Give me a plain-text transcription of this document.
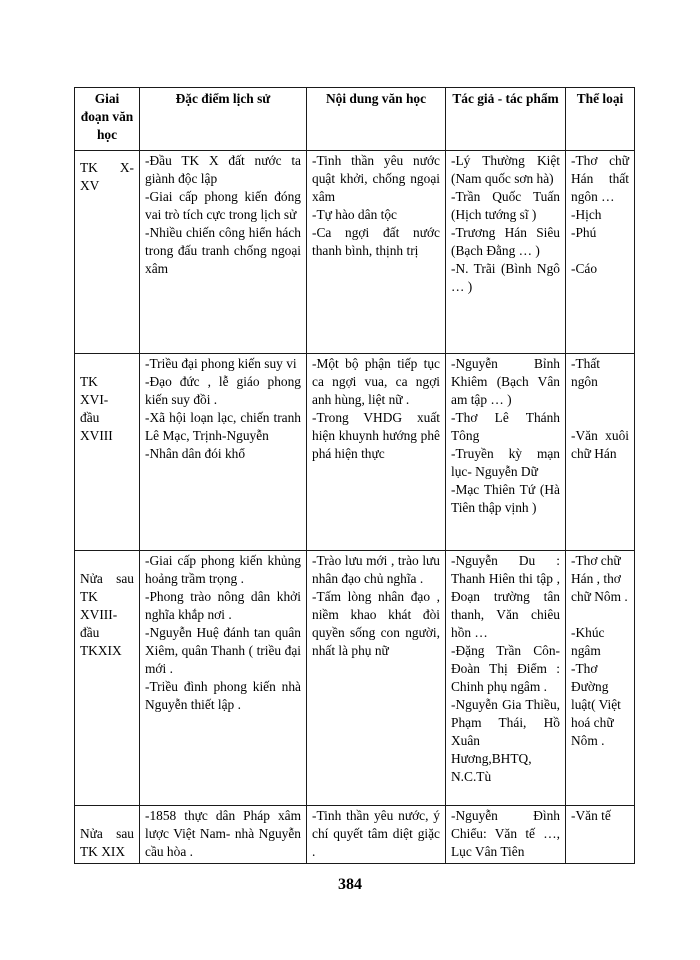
Giai đoạn văn học	Đặc điểm lịch sử	Nội dung văn học	Tác giả - tác phẩm	Thể loại

TK X-
XV	-Đầu TK X đất nước ta giành độc lập
-Giai cấp phong kiến đóng vai trò tích cực trong lịch sử
-Nhiều chiến công hiển hách trong đấu tranh chống ngoại xâm	-Tinh thần yêu nước quật khởi, chống ngoại xâm
-Tự hào dân tộc
-Ca ngợi đất nước thanh bình, thịnh trị	-Lý Thường Kiệt (Nam quốc sơn hà)
-Trần Quốc Tuấn (Hịch tướng sĩ )
-Trương Hán Siêu (Bạch Đằng … )
-N. Trãi (Bình Ngô … )	-Thơ chữ Hán thất ngôn …
-Hịch
-Phú
-Cáo

TK
XVI-
đầu
XVIII	-Triều đại phong kiến suy vi
-Đạo đức , lễ giáo phong kiến suy đồi .
-Xã hội loạn lạc, chiến tranh Lê Mạc, Trịnh-Nguyễn
-Nhân dân đói khổ	-Một bộ phận tiếp tục ca ngợi vua, ca ngợi anh hùng, liệt nữ .
-Trong VHDG xuất hiện khuynh hướng phê phá hiện thực	-Nguyễn Bỉnh Khiêm (Bạch Vân am tập … )
-Thơ Lê Thánh Tông
-Truyền kỳ mạn lục- Nguyễn Dữ
-Mạc Thiên Tứ (Hà Tiên thập vịnh )	-Thất ngôn
-Văn xuôi chữ Hán

Nửa sau
TK
XVIII-
đầu
TKXIX	-Giai cấp phong kiến khủng hoảng trầm trọng .
-Phong trào nông dân khởi nghĩa khắp nơi .
-Nguyễn Huệ đánh tan quân Xiêm, quân Thanh ( triều đại mới .
-Triều đình phong kiến nhà Nguyễn thiết lập .	-Trào lưu mới , trào lưu nhân đạo chủ nghĩa .
-Tấm lòng nhân đạo , niềm khao khát đòi quyền sống con người, nhất là phụ nữ	-Nguyễn Du : Thanh Hiên thi tập , Đoạn trường tân thanh, Văn chiêu hồn …
-Đặng Trần Côn-Đoàn Thị Điểm : Chinh phụ ngâm .
-Nguyễn Gia Thiều, Phạm Thái, Hồ Xuân Hương,BHTQ, N.C.Tù	-Thơ chữ Hán , thơ chữ Nôm .
-Khúc ngâm
-Thơ Đường luật( Việt hoá chữ Nôm .

Nửa sau
TK XIX	-1858 thực dân Pháp xâm lược Việt Nam- nhà Nguyễn cầu hòa .	-Tinh thần yêu nước, ý chí quyết tâm diệt giặc .	-Nguyễn Đình Chiểu: Văn tế …, Lục Vân Tiên	-Văn tế
384
